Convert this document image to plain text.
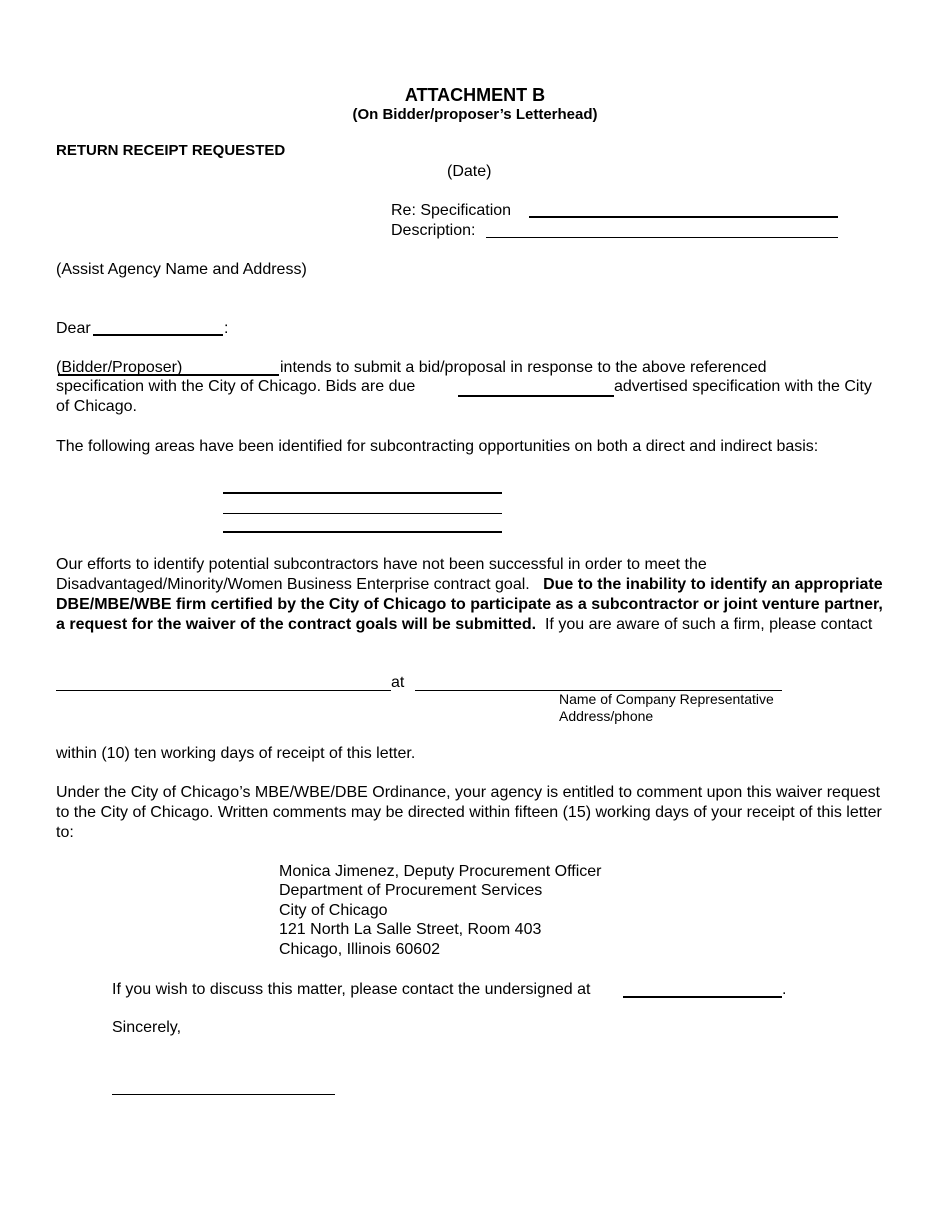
ATTACHMENT B
(On Bidder/proposer’s Letterhead)
RETURN RECEIPT REQUESTED
(Date)
Re: Specification
Description:
(Assist Agency Name and Address)
Dear	:
(Bidder/Proposer)	intends to submit a bid/proposal in response to the above referenced
specification with the City of Chicago. Bids are due	advertised specification with the City
of Chicago.
The following areas have been identified for subcontracting opportunities on both a direct and indirect basis:
Our efforts to identify potential subcontractors have not been successful in order to meet the Disadvantaged/Minority/Women Business Enterprise contract goal. Due to the inability to identify an appropriate DBE/MBE/WBE firm certified by the City of Chicago to participate as a subcontractor or joint venture partner, a request for the waiver of the contract goals will be submitted. If you are aware of such a firm, please contact
at
Name of Company Representative
Address/phone
within (10) ten working days of receipt of this letter.
Under the City of Chicago’s MBE/WBE/DBE Ordinance, your agency is entitled to comment upon this waiver request to the City of Chicago. Written comments may be directed within fifteen (15) working days of your receipt of this letter to:
Monica Jimenez, Deputy Procurement Officer
Department of Procurement Services
City of Chicago
121 North La Salle Street, Room 403
Chicago, Illinois 60602
If you wish to discuss this matter, please contact the undersigned at	.
Sincerely,
